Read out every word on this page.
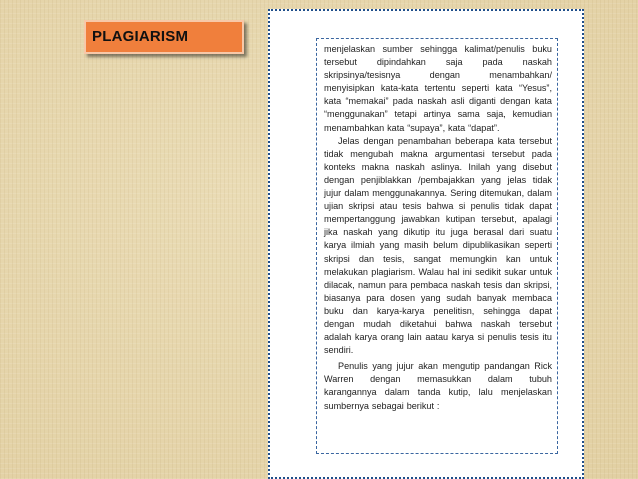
PLAGIARISM

menjelaskan sumber sehingga kalimat/penulis buku tersebut dipindahkan saja pada naskah skripsinya/tesisnya dengan menambahkan/ menyisipkan kata-kata tertentu seperti kata “Yesus”, kata “memakai” pada naskah asli diganti dengan kata “menggunakan” tetapi artinya sama saja, kemudian menambahkan kata “supaya”, kata “dapat”.

Jelas dengan penambahan beberapa kata tersebut tidak mengubah makna argumentasi tersebut pada konteks makna naskah aslinya. Inilah yang disebut dengan penjiblakkan /pembajakkan yang jelas tidak jujur dalam menggunakannya. Sering ditemukan, dalam ujian skripsi atau tesis bahwa si penulis tidak dapat mempertanggung jawabkan kutipan tersebut, apalagi jika naskah yang dikutip itu juga berasal dari suatu karya ilmiah yang masih belum dipublikasikan seperti skripsi dan tesis, sangat memungkin kan untuk melakukan plagiarism. Walau hal ini sedikit sukar untuk dilacak, namun para pembaca naskah tesis dan skripsi, biasanya para dosen yang sudah banyak membaca buku dan karya-karya penelitisn, sehingga dapat dengan mudah diketahui bahwa naskah tersebut adalah karya orang lain aatau karya si penulis tesis itu sendiri.

Penulis yang jujur akan mengutip pandangan Rick Warren dengan memasukkan dalam tubuh karangannya dalam tanda kutip, lalu menjelaskan sumbernya sebagai berikut :
